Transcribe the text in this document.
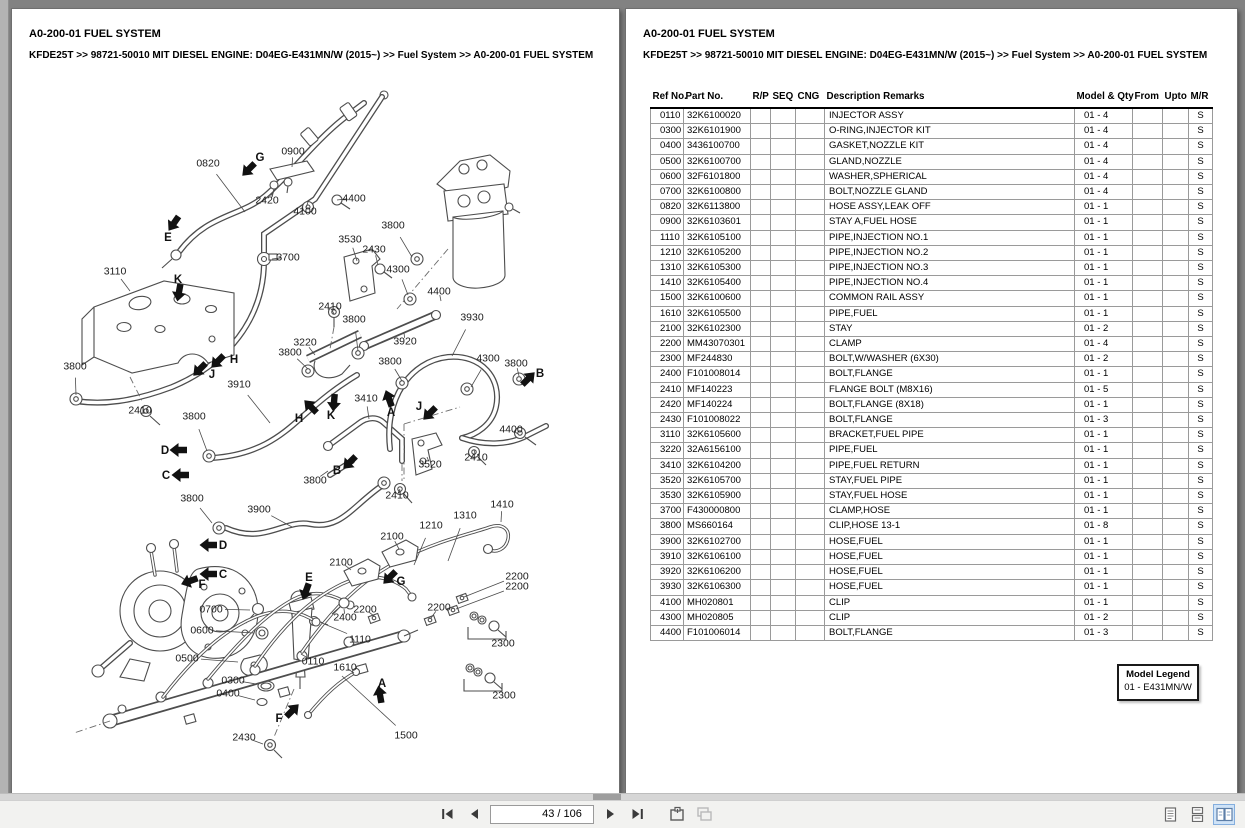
A0-200-01 FUEL SYSTEM
KFDE25T >> 98721-50010 MIT DIESEL ENGINE: D04EG-E431MN/W (2015~) >> Fuel System >> A0-200-01 FUEL SYSTEM
0820
0900
2420
4100
4400
3700
3110
2410
3800
3530
2430
4300
4400
2410
3220
3800
3800
3800
3930
3920
3800	4300 3800
3410
3520
2410
4400
2410
3910
3800
3900
3800
3800
1410
1310
1210
2100
2100
2200
2200
2200	2200
2400
1110
1610
2300
2300
1500
0700
0600
0500
0300
0400
0110
2430
E
G
K
H
J
D
C	B
K
H	A J
B
D
C
F
E	G
A
F
A0-200-01 FUEL SYSTEM
KFDE25T >> 98721-50010 MIT DIESEL ENGINE: D04EG-E431MN/W (2015~) >> Fuel System >> A0-200-01 FUEL SYSTEM
Ref No.	Part No.	R/P	SEQ	CNG	Description Remarks	Model & Qty	From	Upto	M/R
0110	32K6100020				INJECTOR ASSY	01 - 4			S
0300	32K6101900				O-RING,INJECTOR KIT	01 - 4			S
0400	3436100700				GASKET,NOZZLE KIT	01 - 4			S
0500	32K6100700				GLAND,NOZZLE	01 - 4			S
0600	32F6101800				WASHER,SPHERICAL	01 - 4			S
0700	32K6100800				BOLT,NOZZLE GLAND	01 - 4			S
0820	32K6113800				HOSE ASSY,LEAK OFF	01 - 1			S
0900	32K6103601				STAY A,FUEL HOSE	01 - 1			S
1110	32K6105100				PIPE,INJECTION NO.1	01 - 1			S
1210	32K6105200				PIPE,INJECTION NO.2	01 - 1			S
1310	32K6105300				PIPE,INJECTION NO.3	01 - 1			S
1410	32K6105400				PIPE,INJECTION NO.4	01 - 1			S
1500	32K6100600				COMMON RAIL ASSY	01 - 1			S
1610	32K6105500				PIPE,FUEL	01 - 1			S
2100	32K6102300				STAY	01 - 2			S
2200	MM43070301				CLAMP	01 - 4			S
2300	MF244830				BOLT,W/WASHER (6X30)	01 - 2			S
2400	F101008014				BOLT,FLANGE	01 - 1			S
2410	MF140223				FLANGE BOLT (M8X16)	01 - 5			S
2420	MF140224				BOLT,FLANGE (8X18)	01 - 1			S
2430	F101008022				BOLT,FLANGE	01 - 3			S
3110	32K6105600				BRACKET,FUEL PIPE	01 - 1			S
3220	32A6156100				PIPE,FUEL	01 - 1			S
3410	32K6104200				PIPE,FUEL RETURN	01 - 1			S
3520	32K6105700				STAY,FUEL PIPE	01 - 1			S
3530	32K6105900				STAY,FUEL HOSE	01 - 1			S
3700	F430000800				CLAMP,HOSE	01 - 1			S
3800	MS660164				CLIP,HOSE 13-1	01 - 8			S
3900	32K6102700				HOSE,FUEL	01 - 1			S
3910	32K6106100				HOSE,FUEL	01 - 1			S
3920	32K6106200				HOSE,FUEL	01 - 1			S
3930	32K6106300				HOSE,FUEL	01 - 1			S
4100	MH020801				CLIP	01 - 1			S
4300	MH020805				CLIP	01 - 2			S
4400	F101006014				BOLT,FLANGE	01 - 3			S
Model Legend
01 - E431MN/W
43 / 106
